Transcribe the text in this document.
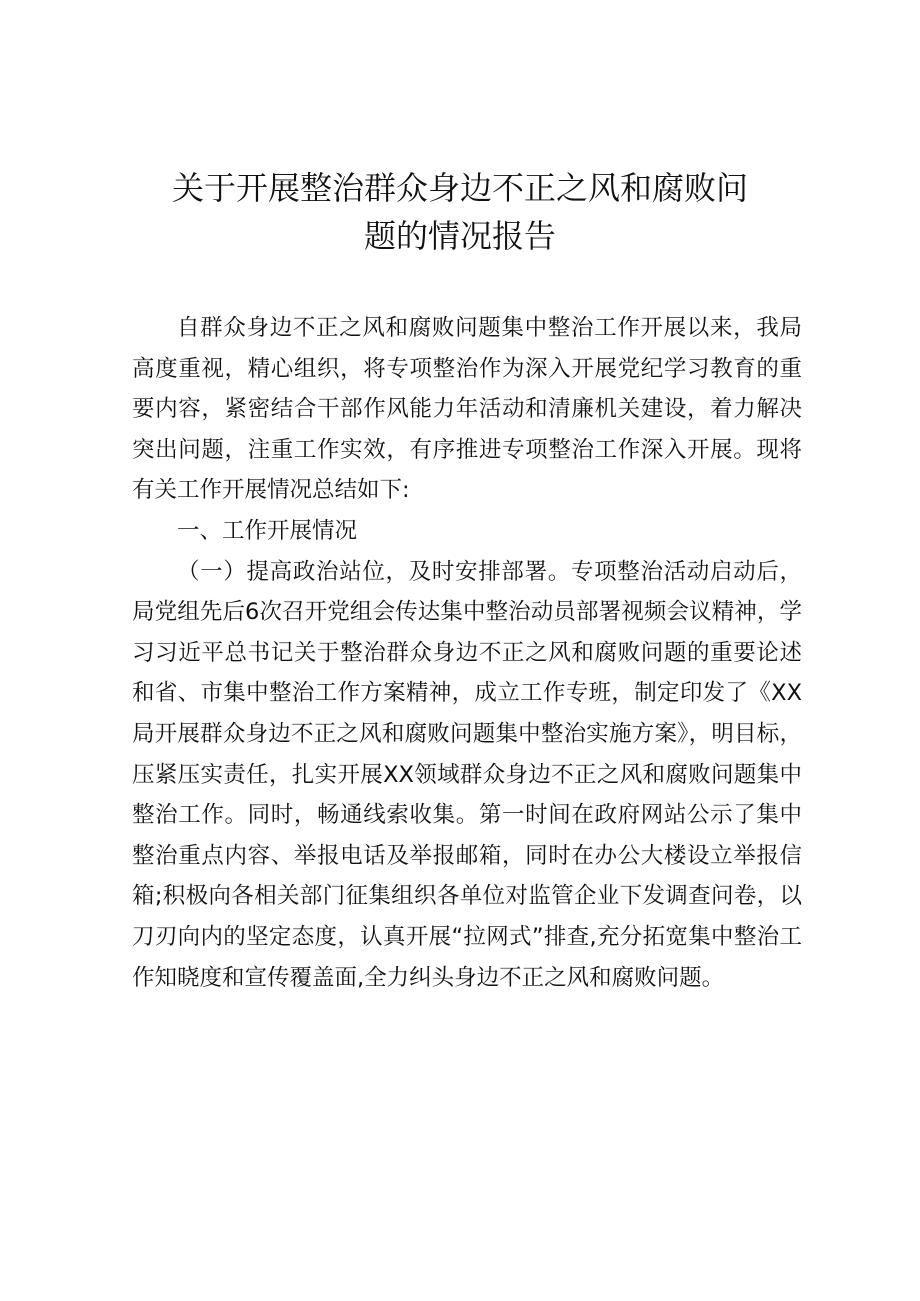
关于开展整治群众身边不正之风和腐败问
题的情况报告

自群众身边不正之风和腐败问题集中整治工作开展以来，我局高度重视，精心组织，将专项整治作为深入开展党纪学习教育的重要内容，紧密结合干部作风能力年活动和清廉机关建设，着力解决突出问题，注重工作实效，有序推进专项整治工作深入开展。现将有关工作开展情况总结如下:

一、工作开展情况

（一）提高政治站位，及时安排部署。专项整治活动启动后，局党组先后6次召开党组会传达集中整治动员部署视频会议精神，学习习近平总书记关于整治群众身边不正之风和腐败问题的重要论述和省、市集中整治工作方案精神，成立工作专班，制定印发了《XX局开展群众身边不正之风和腐败问题集中整治实施方案》，明目标，压紧压实责任，扎实开展XX领域群众身边不正之风和腐败问题集中整治工作。同时，畅通线索收集。第一时间在政府网站公示了集中整治重点内容、举报电话及举报邮箱，同时在办公大楼设立举报信箱;积极向各相关部门征集组织各单位对监管企业下发调查问卷，以刀刃向内的坚定态度，认真开展“拉网式”排查,充分拓宽集中整治工作知晓度和宣传覆盖面,全力纠头身边不正之风和腐败问题。
